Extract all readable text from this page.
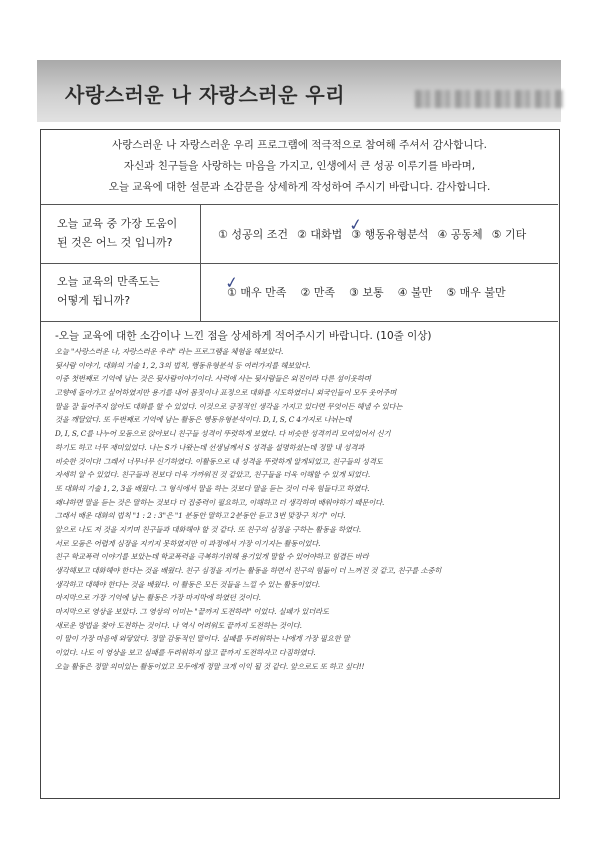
사랑스러운 나 자랑스러운 우리
사랑스러운 나 자랑스러운 우리 프로그램에 적극적으로 참여해 주셔서 감사합니다.
자신과 친구들을 사랑하는 마음을 가지고, 인생에서 큰 성공 이루기를 바라며,
오늘 교육에 대한 설문과 소감문을 상세하게 작성하여 주시기 바랍니다. 감사합니다.
오늘 교육 중 가장 도움이
된 것은 어느 것 입니까?
① 성공의 조건 ② 대화법 ✓
③ 행동유형분석 ④ 공동체 ⑤ 기타
오늘 교육의 만족도는
어떻게 됩니까?
✓
① 매우 만족 ② 만족 ③ 보통 ④ 불만 ⑤ 매우 불만
-오늘 교육에 대한 소감이나 느낀 점을 상세하게 적어주시기 바랍니다. (10줄 이상)
오늘 "사랑스러운 나, 자랑스러운 우리" 라는 프로그램을 체험을 해보았다.
뒷사람 이야기, 대화의 기술 1, 2, 3의 법칙, 행동유형분석 등 여러가지를 해보았다.
이중 첫번째로 기억에 남는 것은 뒷사람이야기이다. 사력에 사는 뒷사람들은 외진이라 다른 섬이웃하며
고향에 돌아가고 싶어하였지만 용기를 내어 몸짓이나 표정으로 대화를 시도하였더니 외국인들이 모두 웃어주며
말을 잘 들어주지 않아도 대화를 할 수 있었다. 이것으로 긍정적인 생각을 가지고 있다면 무엇이든 해낼 수 있다는
것을 깨달았다. 또 두번째로 기억에 남는 활동은 행동유형분석이다. D, I, S, C 4가지로 나뉘는데
D, I, S, C를 나누어 모둠으로 앉아보니 친구들 성격이 뚜렷하게 보였다. 다 비슷한 성격끼리 모여있어서 신기
하기도 하고 너무 재미있었다. 나는 S가 나왔는데 선생님께서 S 성격을 설명하셨는데 정말 내 성격과
비슷한 것이다! 그래서 너무너무 신기하였다. 이활동으로 내 성격을 뚜렷하게 알게되었고, 친구들의 성격도
자세히 알 수 있었다. 친구들과 전보다 더욱 가까워진 것 같았고, 친구들을 더욱 이해할 수 있게 되었다.
또 대화의 기술 1, 2, 3을 배웠다. 그 형식에서 말을 하는 것보다 말을 듣는 것이 더욱 힘들다고 하였다.
왜냐하면 말을 듣는 것은 말하는 것보다 더 집중력이 필요하고, 이해하고 더 생각하며 배워야하기 때문이다.
그래서 배운 대화의 법칙 "1 : 2 : 3"은 "1 분동안 말하고 2분동안 듣고 3번 맞장구 치기" 이다.
앞으로 나도 저 것을 지키며 친구들과 대화해야 할 것 같다. 또 친구의 심정을 구하는 활동을 하였다.
서로 모둠은 어렵게 심장을 지키지 못하였지만 이 과정에서 가장 이기지는 활동이었다.
친구 학교폭력 이야기를 보았는데 학교폭력을 극복하기위해 용기있게 말할 수 있어야하고 힘겹든 바라
생각해보고 대화해야 한다는 것을 배웠다. 친구 심정을 지키는 활동을 하면서 친구의 힘듦이 더 느껴진 것 같고, 친구를 소중히
생각하고 대해야 한다는 것을 배웠다. 이 활동은 모든 것들을 느낄 수 있는 활동이었다.
마지막으로 가장 기억에 남는 활동은 가장 마지막에 하였던 것이다.
마지막으로 영상을 보았다. 그 영상의 이미는 "끝까지 도전하라" 이었다. 실패가 있더라도
새로운 방법을 찾아 도전하는 것이다. 나 역시 어려워도 끝까지 도전하는 것이다.
이 말이 가장 마음에 와닿았다. 정말 감동적인 말이다. 실패를 두려워하는 나에게 가장 필요한 말
이었다. 나도 이 영상을 보고 실패를 두려워하지 않고 끝까지 도전하자고 다짐하였다.
오늘 활동은 정말 의미있는 활동이었고 모두에게 정말 크게 이익 될 것 같다. 앞으로도 또 하고 싶다!!
